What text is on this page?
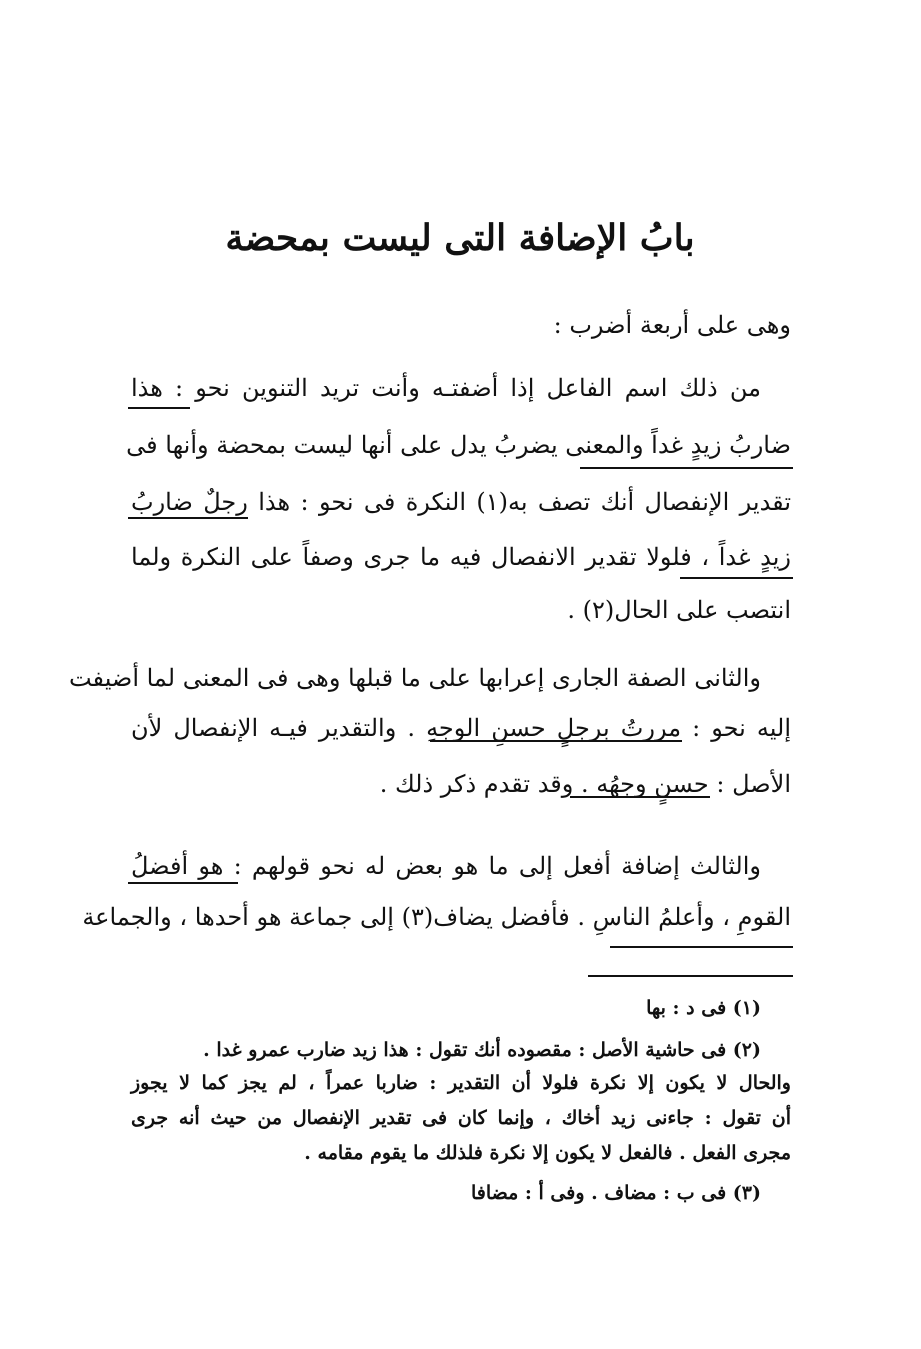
بابُ الإضافة التى ليست بمحضة
وهى على أربعة أضرب :
من ذلك اسم الفاعل إذا أضفتـه وأنت تريد التنوين نحو : هذا
ضاربُ زيدٍ غداً والمعنى يضربُ يدل على أنها ليست بمحضة وأنها فى
تقدير الإنفصال أنك تصف به(١) النكرة فى نحو : هذا رجلٌ ضاربُ
زيدٍ غداً ، فلولا تقدير الانفصال فيه ما جرى وصفاً على النكرة ولما
انتصب على الحال(٢) .
والثانى الصفة الجارى إعرابها على ما قبلها وهى فى المعنى لما أضيفت
إليه نحو : مررتُ برجلٍ حسنِ الوجهِ . والتقدير فيـه الإنفصال لأن
الأصل : حسنٍ وجهُه . وقد تقدم ذكر ذلك .
والثالث إضافة أفعل إلى ما هو بعض له نحو قولهم : هو أفضلُ
القومِ ، وأعلمُ الناسِ . فأفضل يضاف(٣) إلى جماعة هو أحدها ، والجماعة
(١) فى د : بها
(٢) فى حاشية الأصل : مقصوده أنك تقول : هذا زيد ضارب عمرو غدا .
والحال لا يكون إلا نكرة فلولا أن التقدير : ضاربا عمراً ، لم يجز كما لا يجوز
أن تقول : جاءنى زيد أخاك ، وإنما كان فى تقدير الإنفصال من حيث أنه جرى
مجرى الفعل . فالفعل لا يكون إلا نكرة فلذلك ما يقوم مقامه .
(٣) فى ب : مضاف . وفى أ : مضافا
